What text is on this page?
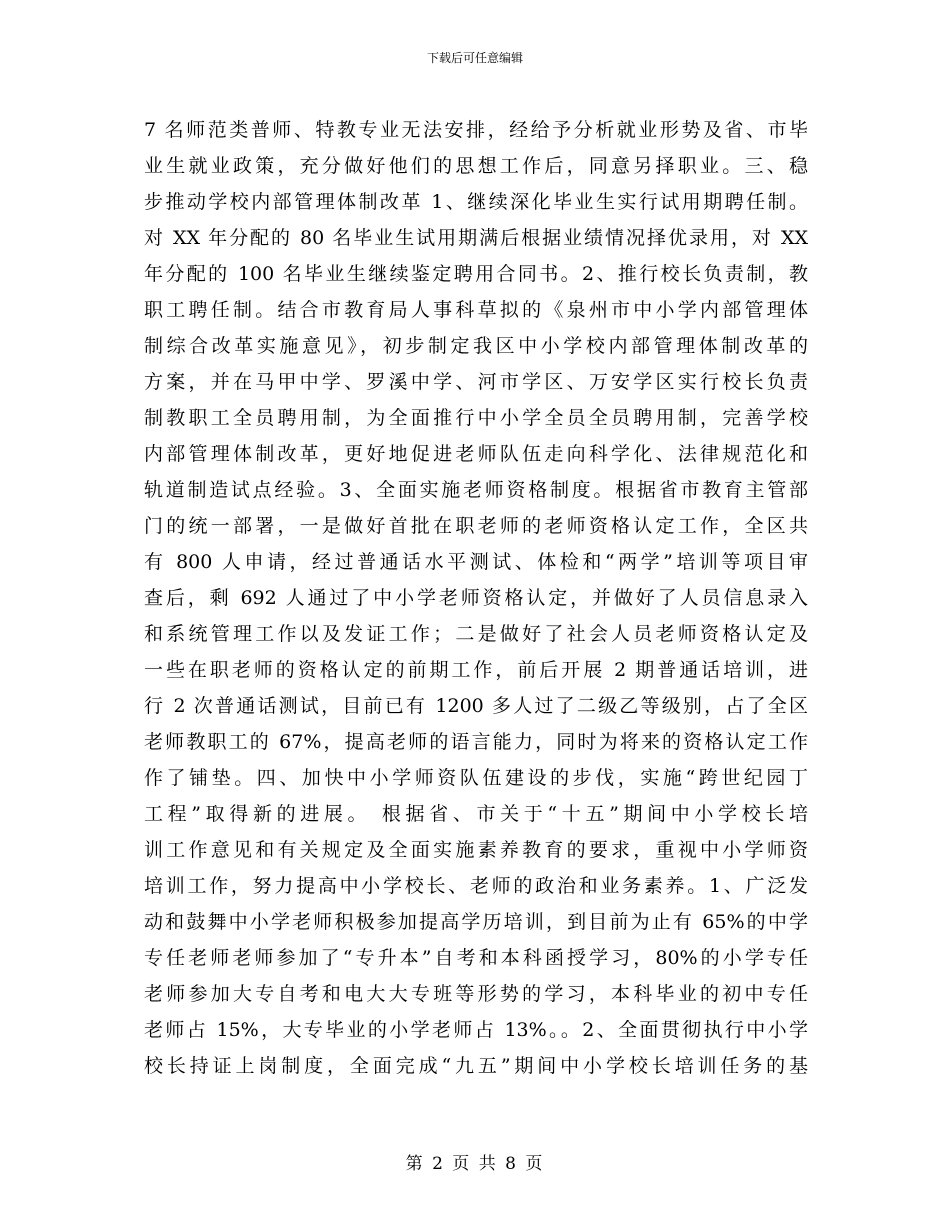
下载后可任意编辑
7 名师范类普师、特教专业无法安排，经给予分析就业形势及省、市毕
业生就业政策，充分做好他们的思想工作后，同意另择职业。三、稳
步推动学校内部管理体制改革 1、继续深化毕业生实行试用期聘任制。
对 XX 年分配的 80 名毕业生试用期满后根据业绩情况择优录用，对 XX
年分配的 100 名毕业生继续鉴定聘用合同书。2、推行校长负责制，教
职工聘任制。结合市教育局人事科草拟的《泉州市中小学内部管理体
制综合改革实施意见》，初步制定我区中小学校内部管理体制改革的
方案，并在马甲中学、罗溪中学、河市学区、万安学区实行校长负责
制教职工全员聘用制，为全面推行中小学全员全员聘用制，完善学校
内部管理体制改革，更好地促进老师队伍走向科学化、法律规范化和
轨道制造试点经验。3、全面实施老师资格制度。根据省市教育主管部
门的统一部署，一是做好首批在职老师的老师资格认定工作，全区共
有 800 人申请，经过普通话水平测试、体检和“两学”培训等项目审
查后，剩 692 人通过了中小学老师资格认定，并做好了人员信息录入
和系统管理工作以及发证工作；二是做好了社会人员老师资格认定及
一些在职老师的资格认定的前期工作，前后开展 2 期普通话培训，进
行 2 次普通话测试，目前已有 1200 多人过了二级乙等级别，占了全区
老师教职工的 67%，提高老师的语言能力，同时为将来的资格认定工作
作了铺垫。四、加快中小学师资队伍建设的步伐，实施“跨世纪园丁
工程”取得新的进展。 根据省、市关于“十五”期间中小学校长培
训工作意见和有关规定及全面实施素养教育的要求，重视中小学师资
培训工作，努力提高中小学校长、老师的政治和业务素养。1、广泛发
动和鼓舞中小学老师积极参加提高学历培训，到目前为止有 65%的中学
专任老师老师参加了“专升本”自考和本科函授学习，80%的小学专任
老师参加大专自考和电大大专班等形势的学习，本科毕业的初中专任
老师占 15%，大专毕业的小学老师占 13%。。2、全面贯彻执行中小学
校长持证上岗制度，全面完成“九五”期间中小学校长培训任务的基
第 2 页 共 8 页
